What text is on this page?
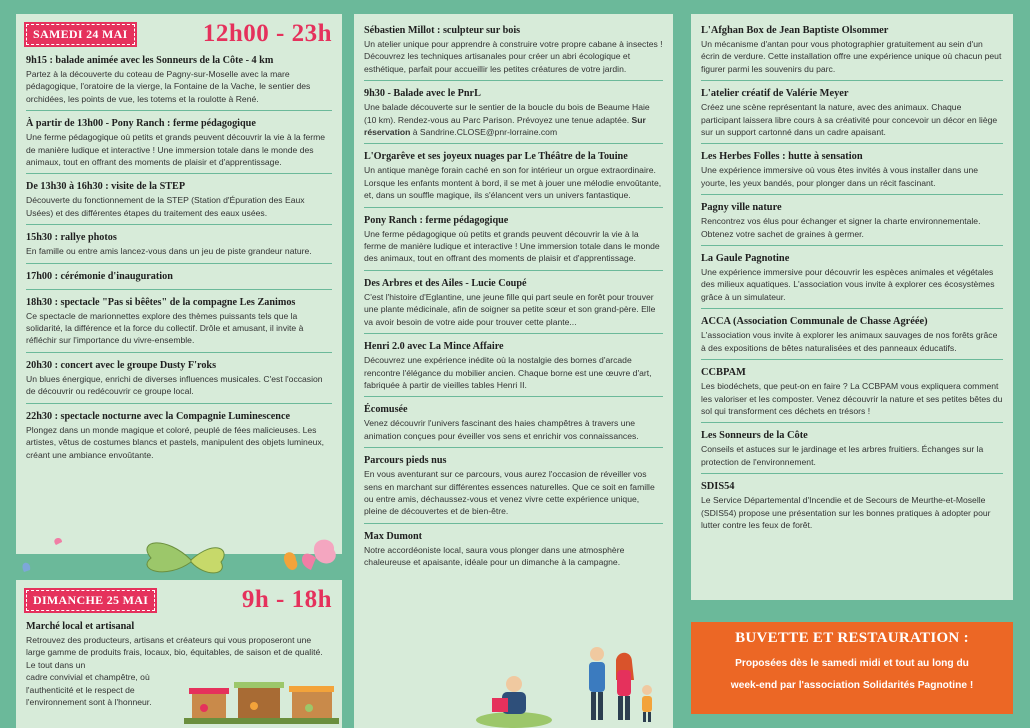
SAMEDI 24 MAI	12h00 - 23h
9h15 : balade animée avec les Sonneurs de la Côte - 4 km
Partez à la découverte du coteau de Pagny-sur-Moselle avec la mare pédagogique, l'oratoire de la vierge, la Fontaine de la Vache, le sentier des orchidées, les points de vue, les totems et la roulotte à René.
À partir de 13h00 - Pony Ranch : ferme pédagogique
Une ferme pédagogique où petits et grands peuvent découvrir la vie à la ferme de manière ludique et interactive ! Une immersion totale dans le monde des animaux, tout en offrant des moments de plaisir et d'apprentissage.
De 13h30 à 16h30 : visite de la STEP
Découverte du fonctionnement de la STEP (Station d'Épuration des Eaux Usées) et des différentes étapes du traitement des eaux usées.
15h30 : rallye photos
En famille ou entre amis lancez-vous dans un jeu de piste grandeur nature.
17h00 : cérémonie d'inauguration
18h30 : spectacle "Pas si bêêtes" de la compagne Les Zanimos
Ce spectacle de marionnettes explore des thèmes puissants tels que la solidarité, la différence et la force du collectif. Drôle et amusant, il invite à réfléchir sur l'importance du vivre-ensemble.
20h30 : concert avec le groupe Dusty F'roks
Un blues énergique, enrichi de diverses influences musicales. C'est l'occasion de découvrir ou redécouvrir ce groupe local.
22h30 : spectacle nocturne avec la Compagnie Luminescence
Plongez dans un monde magique et coloré, peuplé de fées malicieuses. Les artistes, vêtus de costumes blancs et pastels, manipulent des objets lumineux, créant une ambiance envoûtante.
DIMANCHE 25 MAI	9h - 18h
Marché local et artisanal
Retrouvez des producteurs, artisans et créateurs qui vous proposeront une large gamme de produits frais, locaux, bio, équitables, de saison et de qualité. Le tout dans un
cadre convivial et champêtre, où l'authenticité et le respect de l'environnement sont à l'honneur.
Sébastien Millot : sculpteur sur bois
Un atelier unique pour apprendre à construire votre propre cabane à insectes ! Découvrez les techniques artisanales pour créer un abri écologique et esthétique, parfait pour accueillir les petites créatures de votre jardin.
9h30 - Balade avec le PnrL
Une balade découverte sur le sentier de la boucle du bois de Beaume Haie (10 km). Rendez-vous au Parc Parison. Prévoyez une tenue adaptée. Sur réservation à Sandrine.CLOSE@pnr-lorraine.com
L'Orgarêve et ses joyeux nuages par Le Théâtre de la Touine
Un antique manège forain caché en son for intérieur un orgue extraordinaire. Lorsque les enfants montent à bord, il se met à jouer une mélodie envoûtante, et, dans un souffle magique, ils s'élancent vers un univers fantastique.
Pony Ranch : ferme pédagogique
Une ferme pédagogique où petits et grands peuvent découvrir la vie à la ferme de manière ludique et interactive ! Une immersion totale dans le monde des animaux, tout en offrant des moments de plaisir et d'apprentissage.
Des Arbres et des Ailes - Lucie Coupé
C'est l'histoire d'Eglantine, une jeune fille qui part seule en forêt pour trouver une plante médicinale, afin de soigner sa petite sœur et son grand-père. Elle va avoir besoin de votre aide pour trouver cette plante...
Henri 2.0 avec La Mince Affaire
Découvrez une expérience inédite où la nostalgie des bornes d'arcade rencontre l'élégance du mobilier ancien. Chaque borne est une œuvre d'art, fabriquée à partir de vieilles tables Henri II.
Écomusée
Venez découvrir l'univers fascinant des haies champêtres à travers une animation conçues pour éveiller vos sens et enrichir vos connaissances.
Parcours pieds nus
En vous aventurant sur ce parcours, vous aurez l'occasion de réveiller vos sens en marchant sur différentes essences naturelles. Que ce soit en famille ou entre amis, déchaussez-vous et venez vivre cette expérience unique, pleine de découvertes et de bien-être.
Max Dumont
Notre accordéoniste local, saura vous plonger dans une atmosphère chaleureuse et apaisante, idéale pour un dimanche à la campagne.
L'Afghan Box de Jean Baptiste Olsommer
Un mécanisme d'antan pour vous photographier gratuitement au sein d'un écrin de verdure. Cette installation offre une expérience unique où chacun peut figurer parmi les souvenirs du parc.
L'atelier créatif de Valérie Meyer
Créez une scène représentant la nature, avec des animaux. Chaque participant laissera libre cours à sa créativité pour concevoir un décor en liège sur un support cartonné dans un cadre apaisant.
Les Herbes Folles : hutte à sensation
Une expérience immersive où vous êtes invités à vous installer dans une yourte, les yeux bandés, pour plonger dans un récit fascinant.
Pagny ville nature
Rencontrez vos élus pour échanger et signer la charte environnementale. Obtenez votre sachet de graines à germer.
La Gaule Pagnotine
Une expérience immersive pour découvrir les espèces animales et végétales des milieux aquatiques. L'association vous invite à explorer ces écosystèmes grâce à un simulateur.
ACCA (Association Communale de Chasse Agréée)
L'association vous invite à explorer les animaux sauvages de nos forêts grâce à des expositions de bêtes naturalisées et des panneaux éducatifs.
CCBPAM
Les biodéchets, que peut-on en faire ? La CCBPAM vous expliquera comment les valoriser et les composter. Venez découvrir la nature et ses petites bêtes du sol qui transforment ces déchets en trésors !
Les Sonneurs de la Côte
Conseils et astuces sur le jardinage et les arbres fruitiers. Échanges sur la protection de l'environnement.
SDIS54
Le Service Départemental d'Incendie et de Secours de Meurthe-et-Moselle (SDIS54) propose une présentation sur les bonnes pratiques à adopter pour lutter contre les feux de forêt.
BUVETTE ET RESTAURATION :
Proposées dès le samedi midi et tout au long du
week-end par l'association Solidarités Pagnotine !
